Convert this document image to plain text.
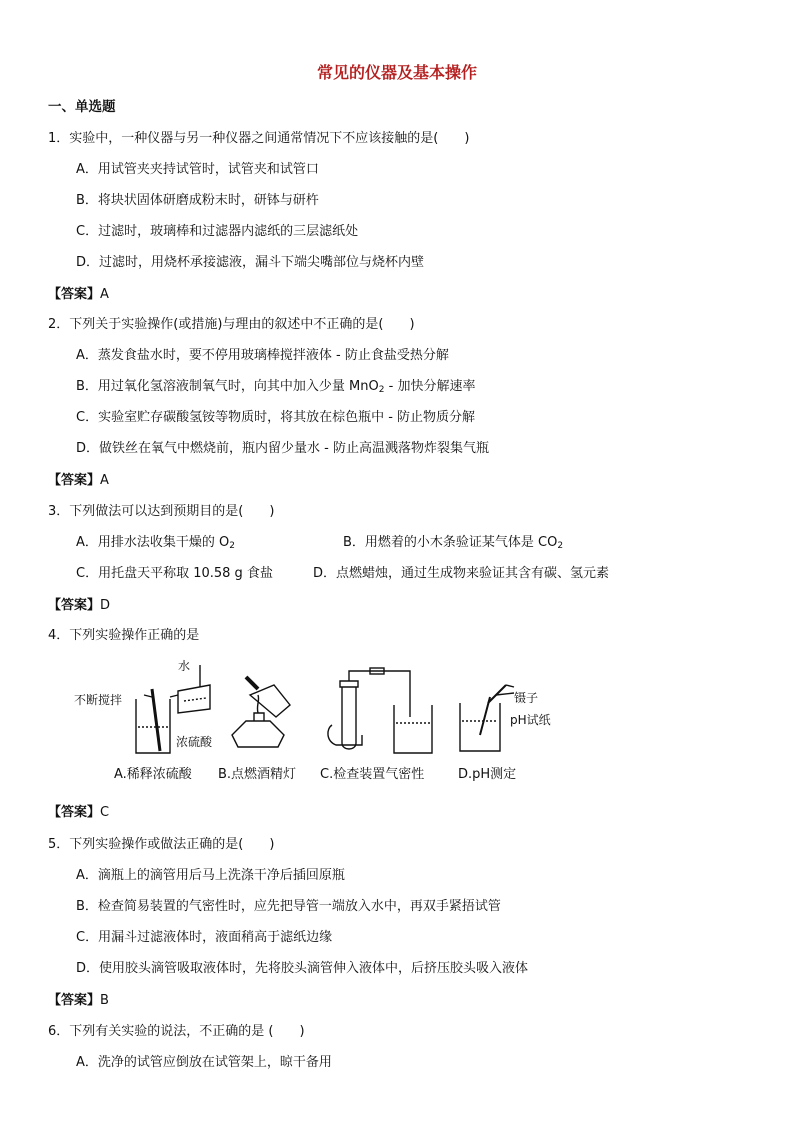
常见的仪器及基本操作
一、单选题
1．实验中，一种仪器与另一种仪器之间通常情况下不应该接触的是(　　)
A．用试管夹夹持试管时，试管夹和试管口
B．将块状固体研磨成粉末时，研钵与研杵
C．过滤时，玻璃棒和过滤器内滤纸的三层滤纸处
D．过滤时，用烧杯承接滤液，漏斗下端尖嘴部位与烧杯内壁
【答案】A
2．下列关于实验操作(或措施)与理由的叙述中不正确的是(　　)
A．蒸发食盐水时，要不停用玻璃棒搅拌液体 - 防止食盐受热分解
B．用过氧化氢溶液制氧气时，向其中加入少量 MnO$_2$ - 加快分解速率
C．实验室贮存碳酸氢铵等物质时，将其放在棕色瓶中 - 防止物质分解
D．做铁丝在氧气中燃烧前，瓶内留少量水 - 防止高温溅落物炸裂集气瓶
【答案】A
3．下列做法可以达到预期目的是(　　)
A．用排水法收集干燥的 $O_2$	B．用燃着的小木条验证某气体是 $CO_2$
C．用托盘天平称取 10.58 g 食盐	D．点燃蜡烛，通过生成物来验证其含有碳、氢元素
【答案】D
4．下列实验操作正确的是
水
不断搅拌
浓硫酸
镊子
pH试纸
A.稀释浓硫酸 B.点燃酒精灯 C.检查装置气密性	D.pH测定
【答案】C
5．下列实验操作或做法正确的是(　　)
A．滴瓶上的滴管用后马上洗涤干净后插回原瓶
B．检查简易装置的气密性时，应先把导管一端放入水中，再双手紧捂试管
C．用漏斗过滤液体时，液面稍高于滤纸边缘
D．使用胶头滴管吸取液体时，先将胶头滴管伸入液体中，后挤压胶头吸入液体
【答案】B
6．下列有关实验的说法，不正确的是 (　　)
A．洗净的试管应倒放在试管架上，晾干备用
